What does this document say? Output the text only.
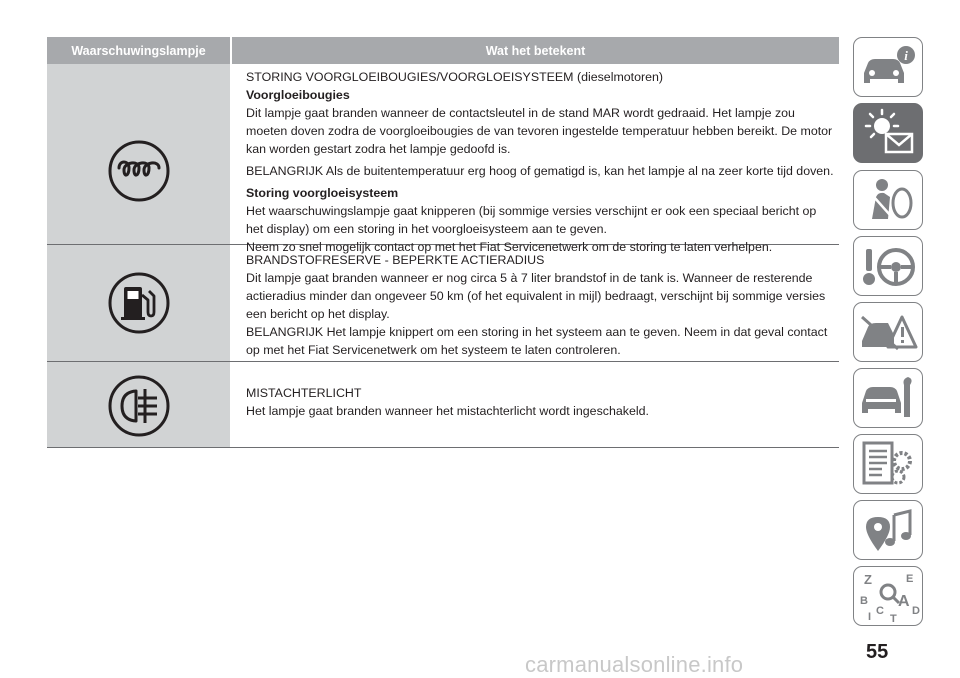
Waarschuwingslampje	Wat het betekent

STORING VOORGLOEIBOUGIES/VOORGLOEISYSTEEM (dieselmotoren)

Voorgloeibougies

Dit lampje gaat branden wanneer de contactsleutel in de stand MAR wordt gedraaid. Het lampje zou

moeten doven zodra de voorgloeibougies de van tevoren ingestelde temperatuur hebben bereikt. De motor

kan worden gestart zodra het lampje gedoofd is.

BELANGRIJK Als de buitentemperatuur erg hoog of gematigd is, kan het lampje al na zeer korte tijd doven.

Storing voorgloeisysteem

Het waarschuwingslampje gaat knipperen (bij sommige versies verschijnt er ook een speciaal bericht op

het display) om een storing in het voorgloeisysteem aan te geven.

Neem zo snel mogelijk contact op met het Fiat Servicenetwerk om de storing te laten verhelpen.

BRANDSTOFRESERVE - BEPERKTE ACTIERADIUS

Dit lampje gaat branden wanneer er nog circa 5 à 7 liter brandstof in de tank is. Wanneer de resterende

actieradius minder dan ongeveer 50 km (of het equivalent in mijl) bedraagt, verschijnt bij sommige versies

een bericht op het display.

BELANGRIJK Het lampje knippert om een storing in het systeem aan te geven. Neem in dat geval contact

op met het Fiat Servicenetwerk om het systeem te laten controleren.

MISTACHTERLICHT

Het lampje gaat branden wanneer het mistachterlicht wordt ingeschakeld.

i
Z	E
B A
D
C
T
I
55
carmanualsonline.info
